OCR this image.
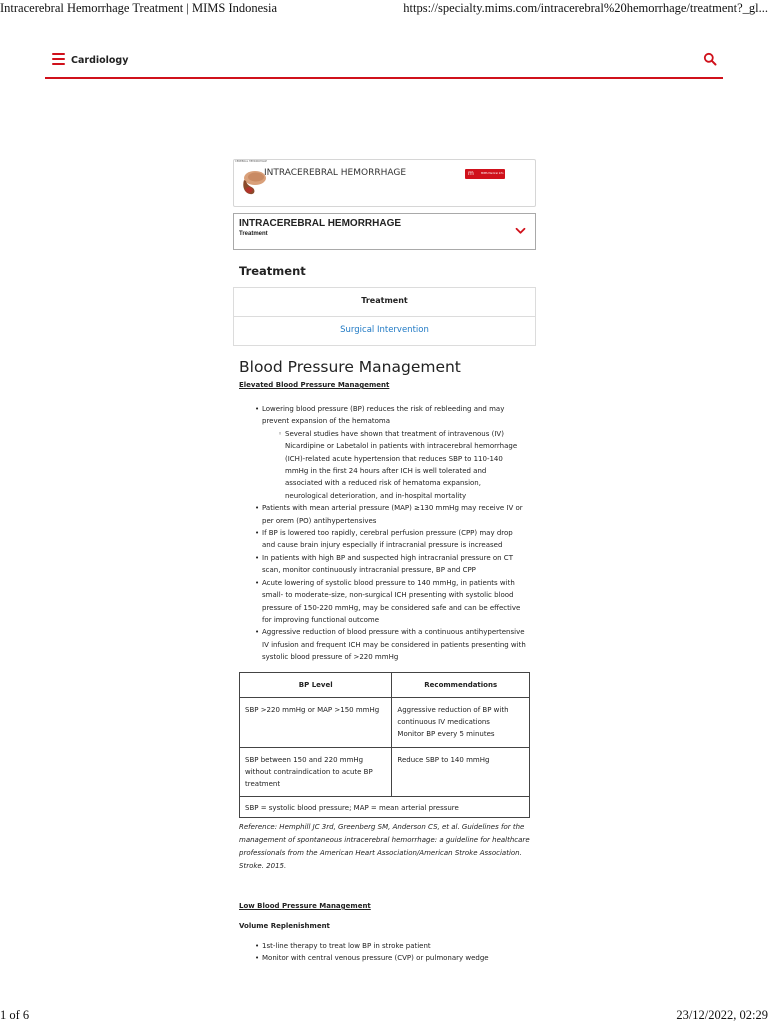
Intracerebral Hemorrhage Treatment | MIMS Indonesia	https://specialty.mims.com/intracerebral%20hemorrhage/treatment?_gl...
Cardiology
CEREBRAL HEMORRHAGE
INTRACEREBRAL HEMORRHAGE	m	MIMS Medical Info
INTRACEREBRAL HEMORRHAGE
Treatment
Treatment
Treatment
Surgical Intervention
Blood Pressure Management
Elevated Blood Pressure Management
• Lowering blood pressure (BP) reduces the risk of rebleeding and may prevent expansion of the hematoma
◦ Several studies have shown that treatment of intravenous (IV) Nicardipine or Labetalol in patients with intracerebral hemorrhage (ICH)-related acute hypertension that reduces SBP to 110-140 mmHg in the first 24 hours after ICH is well tolerated and associated with a reduced risk of hematoma expansion, neurological deterioration, and in-hospital mortality
• Patients with mean arterial pressure (MAP) ≥130 mmHg may receive IV or per orem (PO) antihypertensives
• If BP is lowered too rapidly, cerebral perfusion pressure (CPP) may drop and cause brain injury especially if intracranial pressure is increased
• In patients with high BP and suspected high intracranial pressure on CT scan, monitor continuously intracranial pressure, BP and CPP
• Acute lowering of systolic blood pressure to 140 mmHg, in patients with small- to moderate-size, non-surgical ICH presenting with systolic blood pressure of 150-220 mmHg, may be considered safe and can be effective for improving functional outcome
• Aggressive reduction of blood pressure with a continuous antihypertensive IV infusion and frequent ICH may be considered in patients presenting with systolic blood pressure of >220 mmHg
BP Level	Recommendations
SBP >220 mmHg or MAP >150 mmHg	Aggressive reduction of BP with continuous IV medications
Monitor BP every 5 minutes

SBP between 150 and 220 mmHg without contraindication to acute BP treatment	Reduce SBP to 140 mmHg
SBP = systolic blood pressure; MAP = mean arterial pressure	
Reference: Hemphill JC 3rd, Greenberg SM, Anderson CS, et al. Guidelines for the management of spontaneous intracerebral hemorrhage: a guideline for healthcare professionals from the American Heart Association/American Stroke Association. Stroke. 2015.
Low Blood Pressure Management
Volume Replenishment
• 1st-line therapy to treat low BP in stroke patient
• Monitor with central venous pressure (CVP) or pulmonary wedge
1 of 6	23/12/2022, 02:29
